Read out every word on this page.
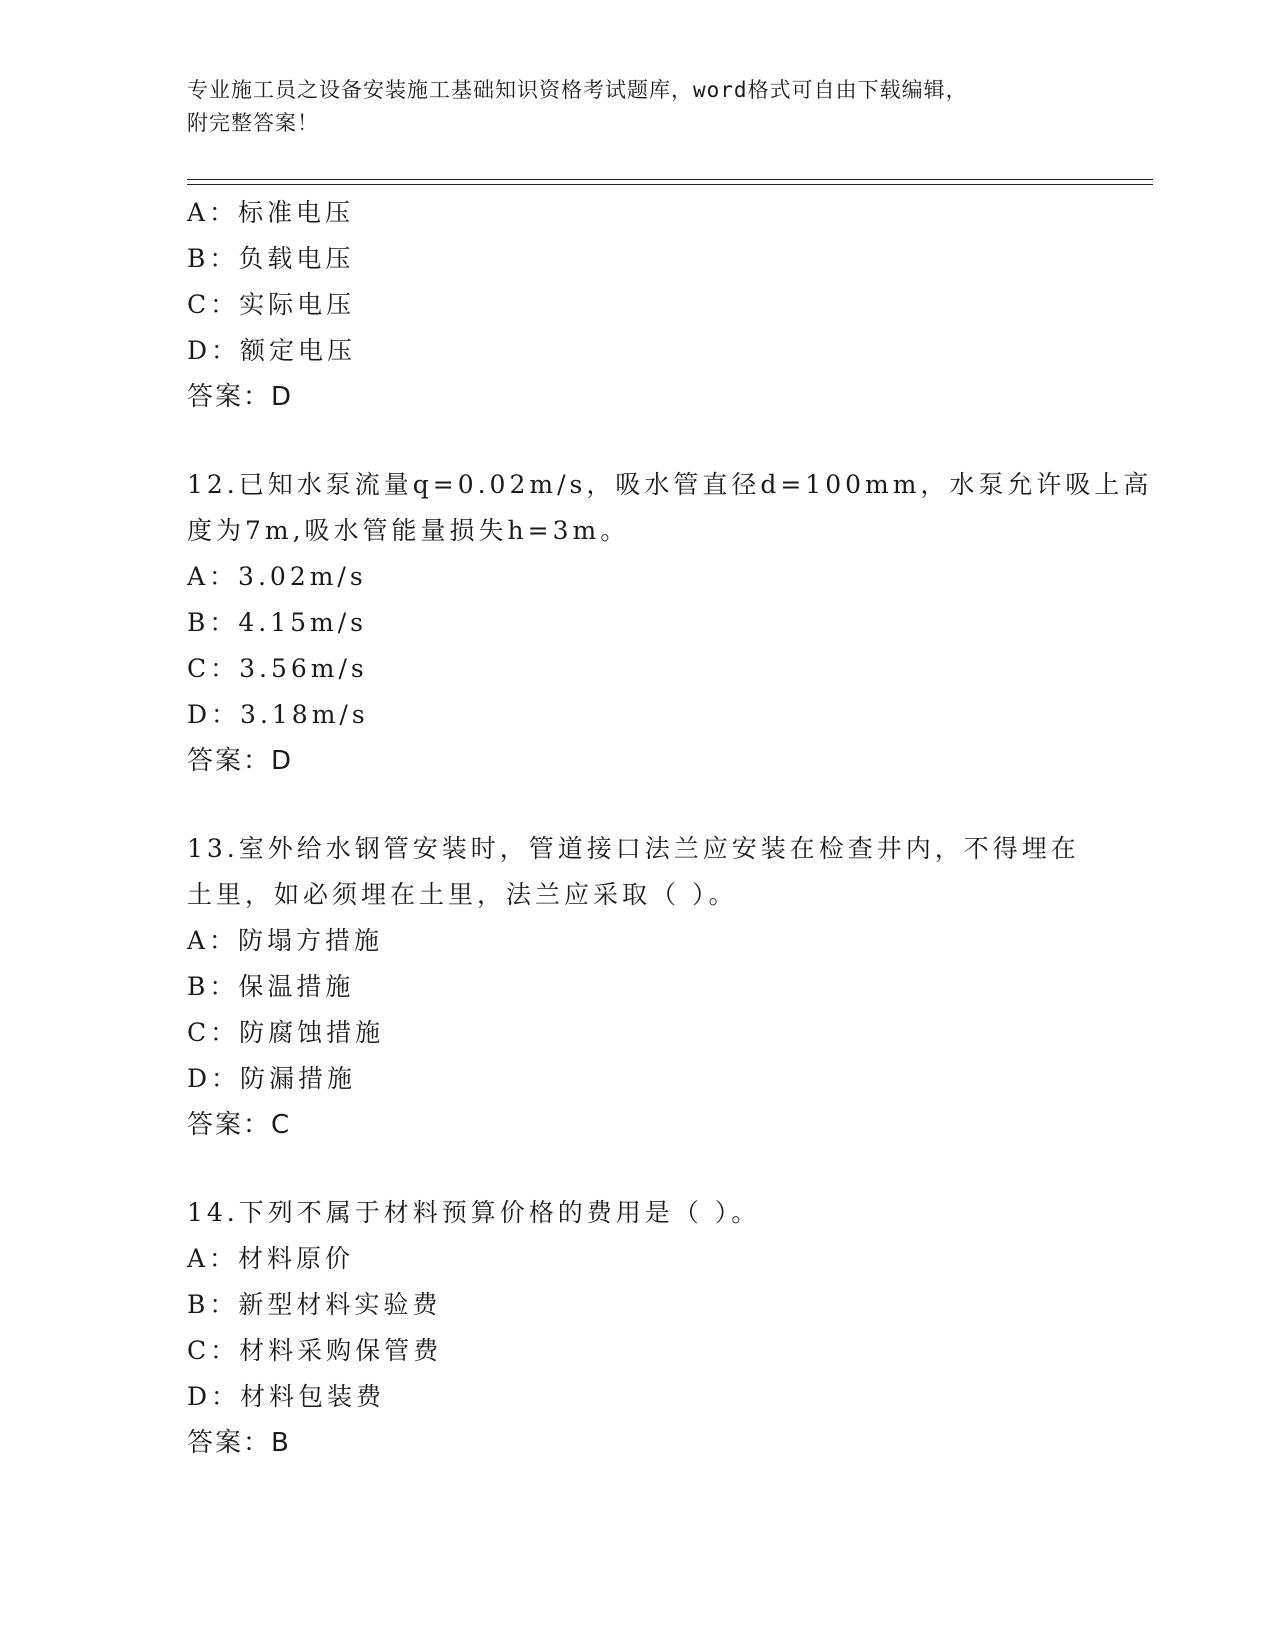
专业施工员之设备安装施工基础知识资格考试题库，word格式可自由下载编辑，
附完整答案！
A：标准电压
B：负载电压
C：实际电压
D：额定电压
答案：D
12.已知水泵流量q=0.02m/s，吸水管直径d=100mm，水泵允许吸上高
度为7m,吸水管能量损失h=3m。
A：3.02m/s
B：4.15m/s
C：3.56m/s
D：3.18m/s
答案：D
13.室外给水钢管安装时，管道接口法兰应安装在检查井内，不得埋在
土里，如必须埋在土里，法兰应采取（ ）。
A：防塌方措施
B：保温措施
C：防腐蚀措施
D：防漏措施
答案：C
14.下列不属于材料预算价格的费用是（ ）。
A：材料原价
B：新型材料实验费
C：材料采购保管费
D：材料包装费
答案：B
